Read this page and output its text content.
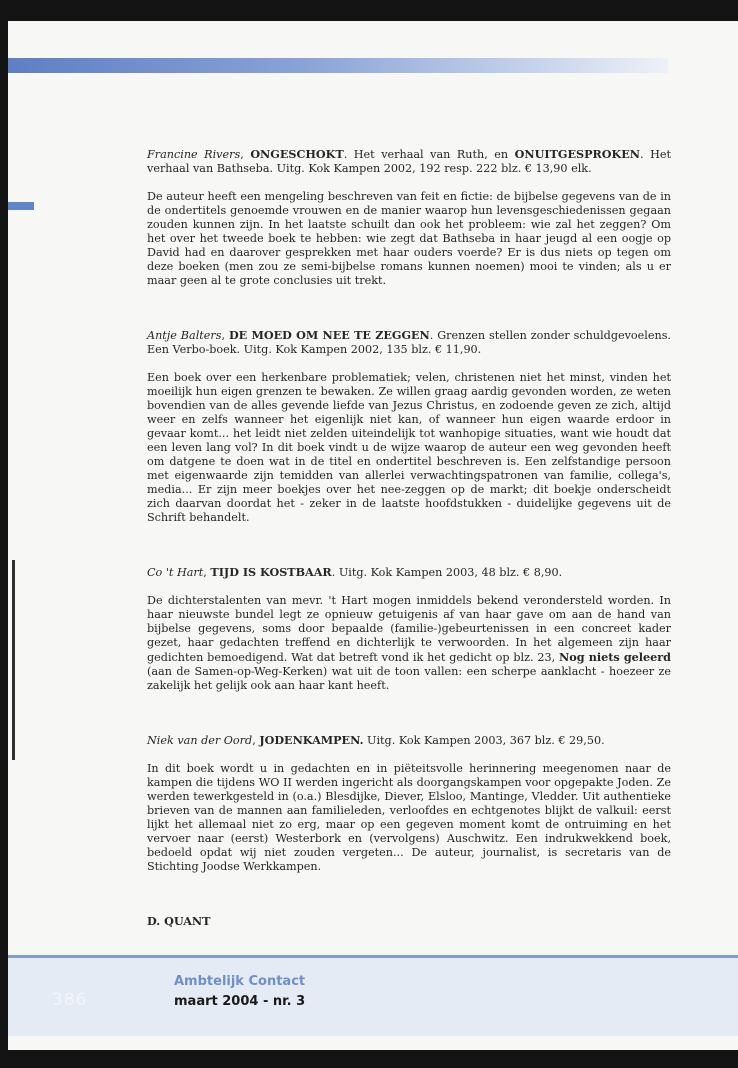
Francine Rivers, ONGESCHOKT. Het verhaal van Ruth, en ONUITGESPROKEN. Het verhaal van Bathseba. Uitg. Kok Kampen 2002, 192 resp. 222 blz. € 13,90 elk.

De auteur heeft een mengeling beschreven van feit en fictie: de bijbelse gegevens van de in de ondertitels genoemde vrouwen en de manier waarop hun levensgeschiedenissen gegaan zouden kunnen zijn. In het laatste schuilt dan ook het probleem: wie zal het zeggen? Om het over het tweede boek te hebben: wie zegt dat Bathseba in haar jeugd al een oogje op David had en daarover gesprekken met haar ouders voerde? Er is dus niets op tegen om deze boeken (men zou ze semi-bijbelse romans kunnen noemen) mooi te vinden; als u er maar geen al te grote conclusies uit trekt.

Antje Balters, DE MOED OM NEE TE ZEGGEN. Grenzen stellen zonder schuldgevoelens. Een Verbo-boek. Uitg. Kok Kampen 2002, 135 blz. € 11,90.

Een boek over een herkenbare problematiek; velen, christenen niet het minst, vinden het moeilijk hun eigen grenzen te bewaken. Ze willen graag aardig gevonden worden, ze weten bovendien van de alles gevende liefde van Jezus Christus, en zodoende geven ze zich, altijd weer en zelfs wanneer het eigenlijk niet kan, of wanneer hun eigen waarde erdoor in gevaar komt... het leidt niet zelden uiteindelijk tot wanhopige situaties, want wie houdt dat een leven lang vol? In dit boek vindt u de wijze waarop de auteur een weg gevonden heeft om datgene te doen wat in de titel en ondertitel beschreven is. Een zelfstandige persoon met eigenwaarde zijn temidden van allerlei verwachtingspatronen van familie, collega's, media... Er zijn meer boekjes over het nee-zeggen op de markt; dit boekje onderscheidt zich daarvan doordat het - zeker in de laatste hoofdstukken - duidelijke gegevens uit de Schrift behandelt.

Co 't Hart, TIJD IS KOSTBAAR. Uitg. Kok Kampen 2003, 48 blz. € 8,90.

De dichterstalenten van mevr. 't Hart mogen inmiddels bekend verondersteld worden. In haar nieuwste bundel legt ze opnieuw getuigenis af van haar gave om aan de hand van bijbelse gegevens, soms door bepaalde (familie-)gebeurtenissen in een concreet kader gezet, haar gedachten treffend en dichterlijk te verwoorden. In het algemeen zijn haar gedichten bemoedigend. Wat dat betreft vond ik het gedicht op blz. 23, Nog niets geleerd (aan de Samen-op-Weg-Kerken) wat uit de toon vallen: een scherpe aanklacht - hoezeer ze zakelijk het gelijk ook aan haar kant heeft.

Niek van der Oord, JODENKAMPEN. Uitg. Kok Kampen 2003, 367 blz. € 29,50.

In dit boek wordt u in gedachten en in piëteitsvolle herinnering meegenomen naar de kampen die tijdens WO II werden ingericht als doorgangskampen voor opgepakte Joden. Ze werden tewerkgesteld in (o.a.) Blesdijke, Diever, Elsloo, Mantinge, Vledder. Uit authentieke brieven van de mannen aan familieleden, verloofdes en echtgenotes blijkt de valkuil: eerst lijkt het allemaal niet zo erg, maar op een gegeven moment komt de ontruiming en het vervoer naar (eerst) Westerbork en (vervolgens) Auschwitz. Een indrukwekkend boek, bedoeld opdat wij niet zouden vergeten... De auteur, journalist, is secretaris van de Stichting Joodse Werkkampen.

D. QUANT

386
Ambtelijk Contact
maart 2004 - nr. 3
